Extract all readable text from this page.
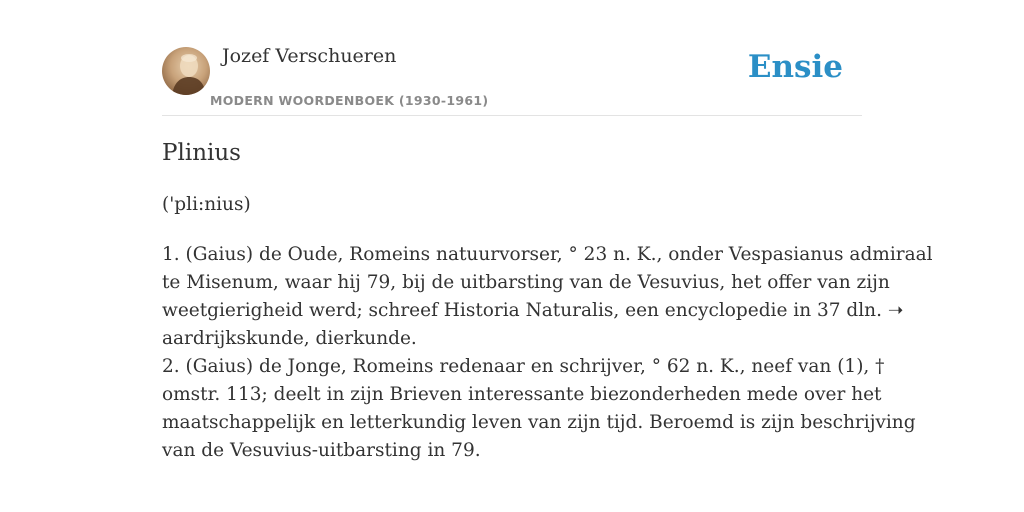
Jozef Verschueren
MODERN WOORDENBOEK (1930-1961)
Ensie
Plinius
('pli:nius)
1. (Gaius) de Oude, Romeins natuurvorser, ° 23 n. K., onder Vespasianus admiraal
te Misenum, waar hij 79, bij de uitbarsting van de Vesuvius, het offer van zijn
weetgierigheid werd; schreef Historia Naturalis, een encyclopedie in 37 dln. ➝
aardrijkskunde, dierkunde.
2. (Gaius) de Jonge, Romeins redenaar en schrijver, ° 62 n. K., neef van (1), †
omstr. 113; deelt in zijn Brieven interessante biezonderheden mede over het
maatschappelijk en letterkundig leven van zijn tijd. Beroemd is zijn beschrijving
van de Vesuvius-uitbarsting in 79.
